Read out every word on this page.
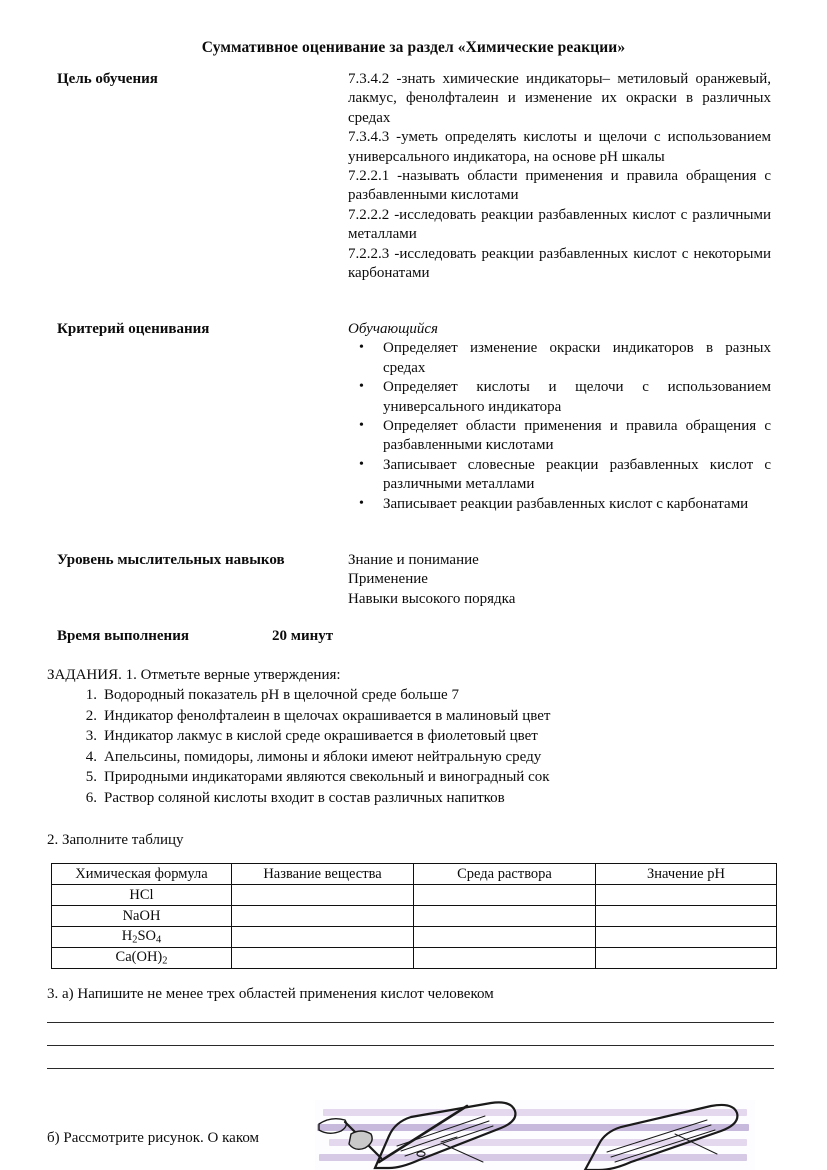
Суммативное оценивание за раздел «Химические реакции»
Цель обучения	7.3.4.2 -знать химические индикаторы– метиловый оранжевый, лакмус, фенолфталеин и изменение их окраски в различных средах

7.3.4.3 -уметь определять кислоты и щелочи с использованием универсального индикатора, на основе рН шкалы

7.2.2.1 -называть области применения и правила обращения с разбавленными кислотами

7.2.2.2 -исследовать реакции разбавленных кислот с различными металлами

7.2.2.3 -исследовать реакции разбавленных кислот с некоторыми карбонатами

Критерий оценивания	Обучающийся

• Определяет изменение окраски индикаторов в разных средах
• Определяет кислоты и щелочи с использованием универсального индикатора
• Определяет области применения и правила обращения с разбавленными кислотами
• Записывает словесные реакции разбавленных кислот с различными металлами
• Записывает реакции разбавленных кислот с карбонатами
Уровень мыслительных навыков	Знание и понимание

Применение

Навыки высокого порядка

Время выполнения	20 минут
ЗАДАНИЯ. 1. Отметьте верные утверждения:
Водородный показатель рН в щелочной среде больше 7
Индикатор фенолфталеин в щелочах окрашивается в малиновый цвет
Индикатор лакмус в кислой среде окрашивается в фиолетовый цвет
Апельсины, помидоры, лимоны и яблоки имеют нейтральную среду
Природными индикаторами являются свекольный и виноградный сок
Раствор соляной кислоты входит в состав различных напитков
2. Заполните таблицу
Химическая формула	Название вещества	Среда раствора	Значение рН
HCl			
NaOH			
$H_2SO_4$			
$Ca(OH)_2$			
3. а) Напишите не менее трех областей применения кислот человеком
б) Рассмотрите рисунок. О каком
